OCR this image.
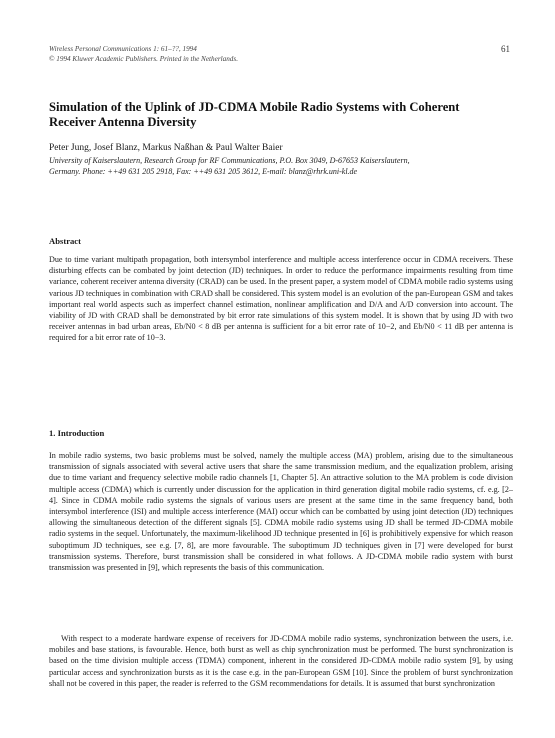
Wireless Personal Communications 1: 61–??, 1994
© 1994 Kluwer Academic Publishers. Printed in the Netherlands.
61
Simulation of the Uplink of JD-CDMA Mobile Radio Systems with Coherent Receiver Antenna Diversity
Peter Jung, Josef Blanz, Markus Naßhan & Paul Walter Baier
University of Kaiserslautern, Research Group for RF Communications, P.O. Box 3049, D-67653 Kaiserslautern,
Germany. Phone: ++49 631 205 2918, Fax: ++49 631 205 3612, E-mail: blanz@rhrk.uni-kl.de
Abstract

Due to time variant multipath propagation, both intersymbol interference and multiple access interference occur in CDMA receivers. These disturbing effects can be combated by joint detection (JD) techniques. In order to reduce the performance impairments resulting from time variance, coherent receiver antenna diversity (CRAD) can be used. In the present paper, a system model of CDMA mobile radio systems using various JD techniques in combination with CRAD shall be considered. This system model is an evolution of the pan-European GSM and takes important real world aspects such as imperfect channel estimation, nonlinear amplification and D/A and A/D conversion into account. The viability of JD with CRAD shall be demonstrated by bit error rate simulations of this system model. It is shown that by using JD with two receiver antennas in bad urban areas, Eb/N0 < 8 dB per antenna is sufficient for a bit error rate of 10−2, and Eb/N0 < 11 dB per antenna is required for a bit error rate of 10−3.

1. Introduction

In mobile radio systems, two basic problems must be solved, namely the multiple access (MA) problem, arising due to the simultaneous transmission of signals associated with several active users that share the same transmission medium, and the equalization problem, arising due to time variant and frequency selective mobile radio channels [1, Chapter 5]. An attractive solution to the MA problem is code division multiple access (CDMA) which is currently under discussion for the application in third generation digital mobile radio systems, cf. e.g. [2–4]. Since in CDMA mobile radio systems the signals of various users are present at the same time in the same frequency band, both intersymbol interference (ISI) and multiple access interference (MAI) occur which can be combatted by using joint detection (JD) techniques allowing the simultaneous detection of the different signals [5]. CDMA mobile radio systems using JD shall be termed JD-CDMA mobile radio systems in the sequel. Unfortunately, the maximum-likelihood JD technique presented in [6] is prohibitively expensive for which reason suboptimum JD techniques, see e.g. [7, 8], are more favourable. The suboptimum JD techniques given in [7] were developed for burst transmission systems. Therefore, burst transmission shall be considered in what follows. A JD-CDMA mobile radio system with burst transmission was presented in [9], which represents the basis of this communication.

With respect to a moderate hardware expense of receivers for JD-CDMA mobile radio systems, synchronization between the users, i.e. mobiles and base stations, is favourable. Hence, both burst as well as chip synchronization must be performed. The burst synchronization is based on the time division multiple access (TDMA) component, inherent in the considered JD-CDMA mobile radio system [9], by using particular access and synchronization bursts as it is the case e.g. in the pan-European GSM [10]. Since the problem of burst synchronization shall not be covered in this paper, the reader is referred to the GSM recommendations for details. It is assumed that burst synchronization
